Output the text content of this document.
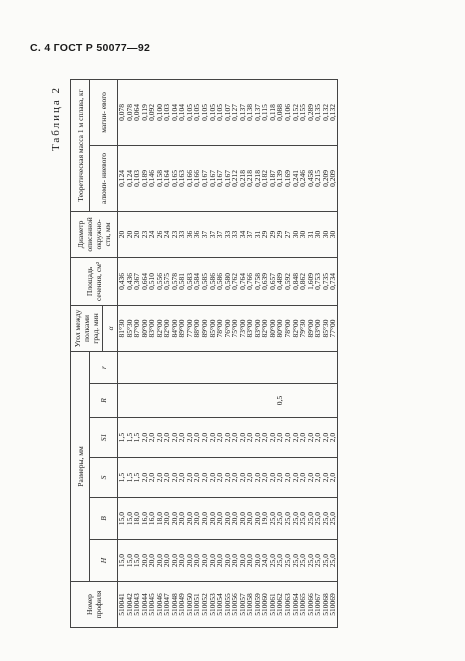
С. 4 ГОСТ Р 50077—92
Таблица 2
Номер профиля	Размеры, мм						Угол между полками град. мин	Площадь сечения, см²	Диаметр описанной окружно- сти, мм	Теоретическая масса 1 м сплава, кг	
	H	B	S	S1	R	r				алюми- ниевого	магни- евого
							α				
510041	15,0	15,0	1,5	1,5			81°30	0,436	20	0,124	0,078
510042	15,0	15,0	1,5	1,5			85°30	0,436	20	0,124	0,078
510043	15,0	18,0	1,5	1,5			87°00	0,367	20	0,103	0,064
510044	20,0	16,0	2,0	2,0			80°00	0,664	23	0,189	0,119
510045	20,0	16,0	2,0	2,0			83°00	0,510	24	0,146	0,092
510046	20,0	18,0	2,0	2,0			82°00	0,556	26	0,158	0,100
510047	20,0	20,0	2,0	2,0			82°00	0,575	24	0,164	0,103
510048	20,0	20,0	2,0	2,0			84°00	0,578	23	0,165	0,104
510049	20,0	20,0	2,0	2,0			89°00	0,581	33	0,163	0,104
510050	20,0	20,0	2,0	2,0			77°00	0,583	36	0,166	0,105
510051	20,0	20,0	2,0	2,0			88°00	0,584	36	0,166	0,105
510052	20,0	20,0	2,0	2,0			89°00	0,585	37	0,167	0,105
510053	20,0	20,0	2,0	2,0			85°00	0,586	37	0,167	0,105
510054	20,0	20,0	2,0	2,0			78°00	0,586	37	0,167	0,105
510055	20,0	20,0	2,0	2,0			76°00	0,580	33	0,167	0,107
510056	20,0	20,0	2,0	2,0			75°00	0,762	33	0,212	0,127
510057	20,0	20,0	2,0	2,0			73°00	0,764	34	0,218	0,137
510058	20,0	20,0	2,0	2,0			83°00	0,766	37	0,218	0,138
510059	20,0	20,0	2,0	2,0			83°00	0,758	31	0,218	0,137
510060	24,0	19,0	2,0	2,0			82°00	0,639	29	0,182	0,115
510061	25,0	25,0	2,0	2,0			80°00	0,657	29	0,187	0,118
510062	25,0	25,0	2,0	2,0	0,5		80°00	0,489	29	0,139	0,088
510063	25,0	25,0	2,0	2,0			78°00	0,592	27	0,169	0,106
510064	25,0	25,0	2,0	2,0			82°00	0,848	30	0,241	0,152
510065	25,0	25,0	2,0	2,0			79°30	0,862	30	0,246	0,155
510066	25,0	25,0	2,0	2,0			89°00	1,609	31	0,458	0,289
510067	25,0	25,0	2,0	2,0			83°00	0,753	30	0,215	0,135
510068	25,0	25,0	2,0	2,0			85°30	0,735	30	0,209	0,132
510069	25,0	25,0	2,0	2,0			77°00	0,734	30	0,209	0,132
